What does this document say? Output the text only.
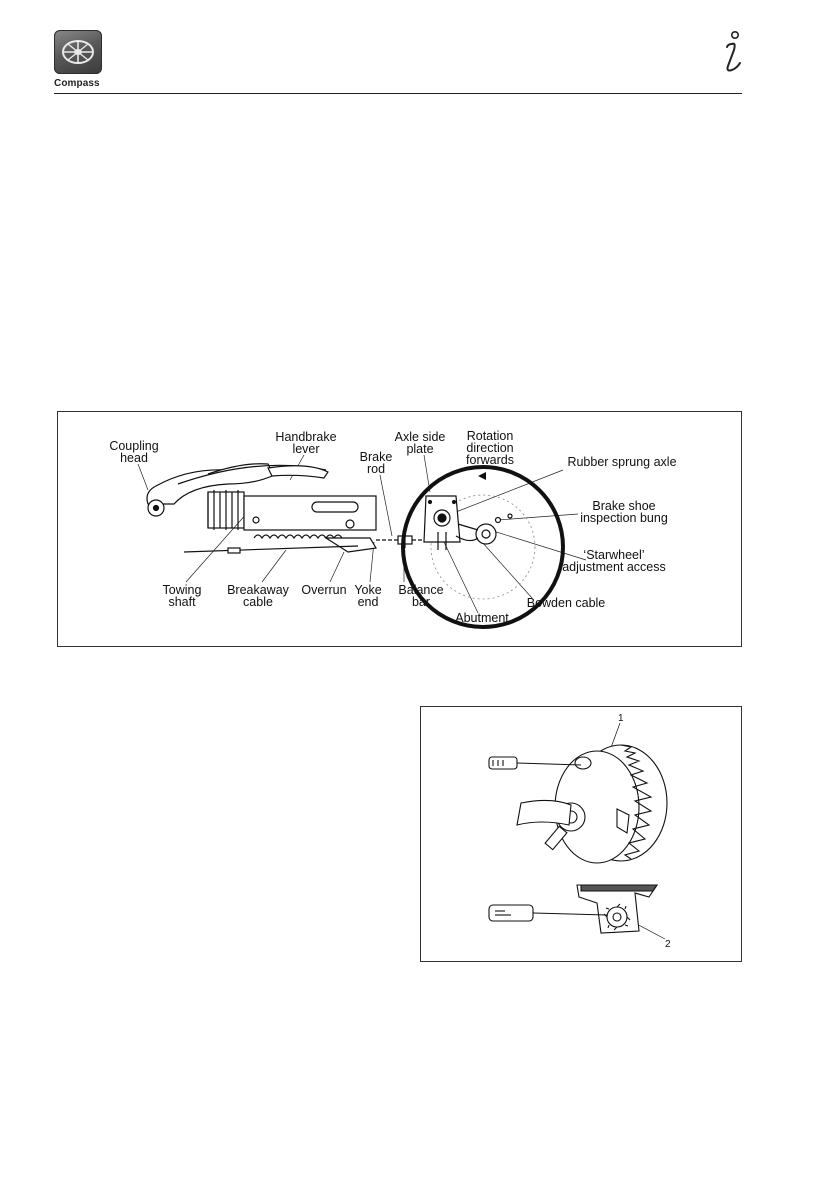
Compass
Coupling head
Handbrake lever
Brake rod
Axle side plate
Rotation direction forwards	Rubber sprung axle
Brake shoe inspection bung
‘Starwheel’ adjustment access
Bowden cable
Abutment
Balance bar
Yoke end
Overrun
Breakaway cable
Towing shaft
1
2
